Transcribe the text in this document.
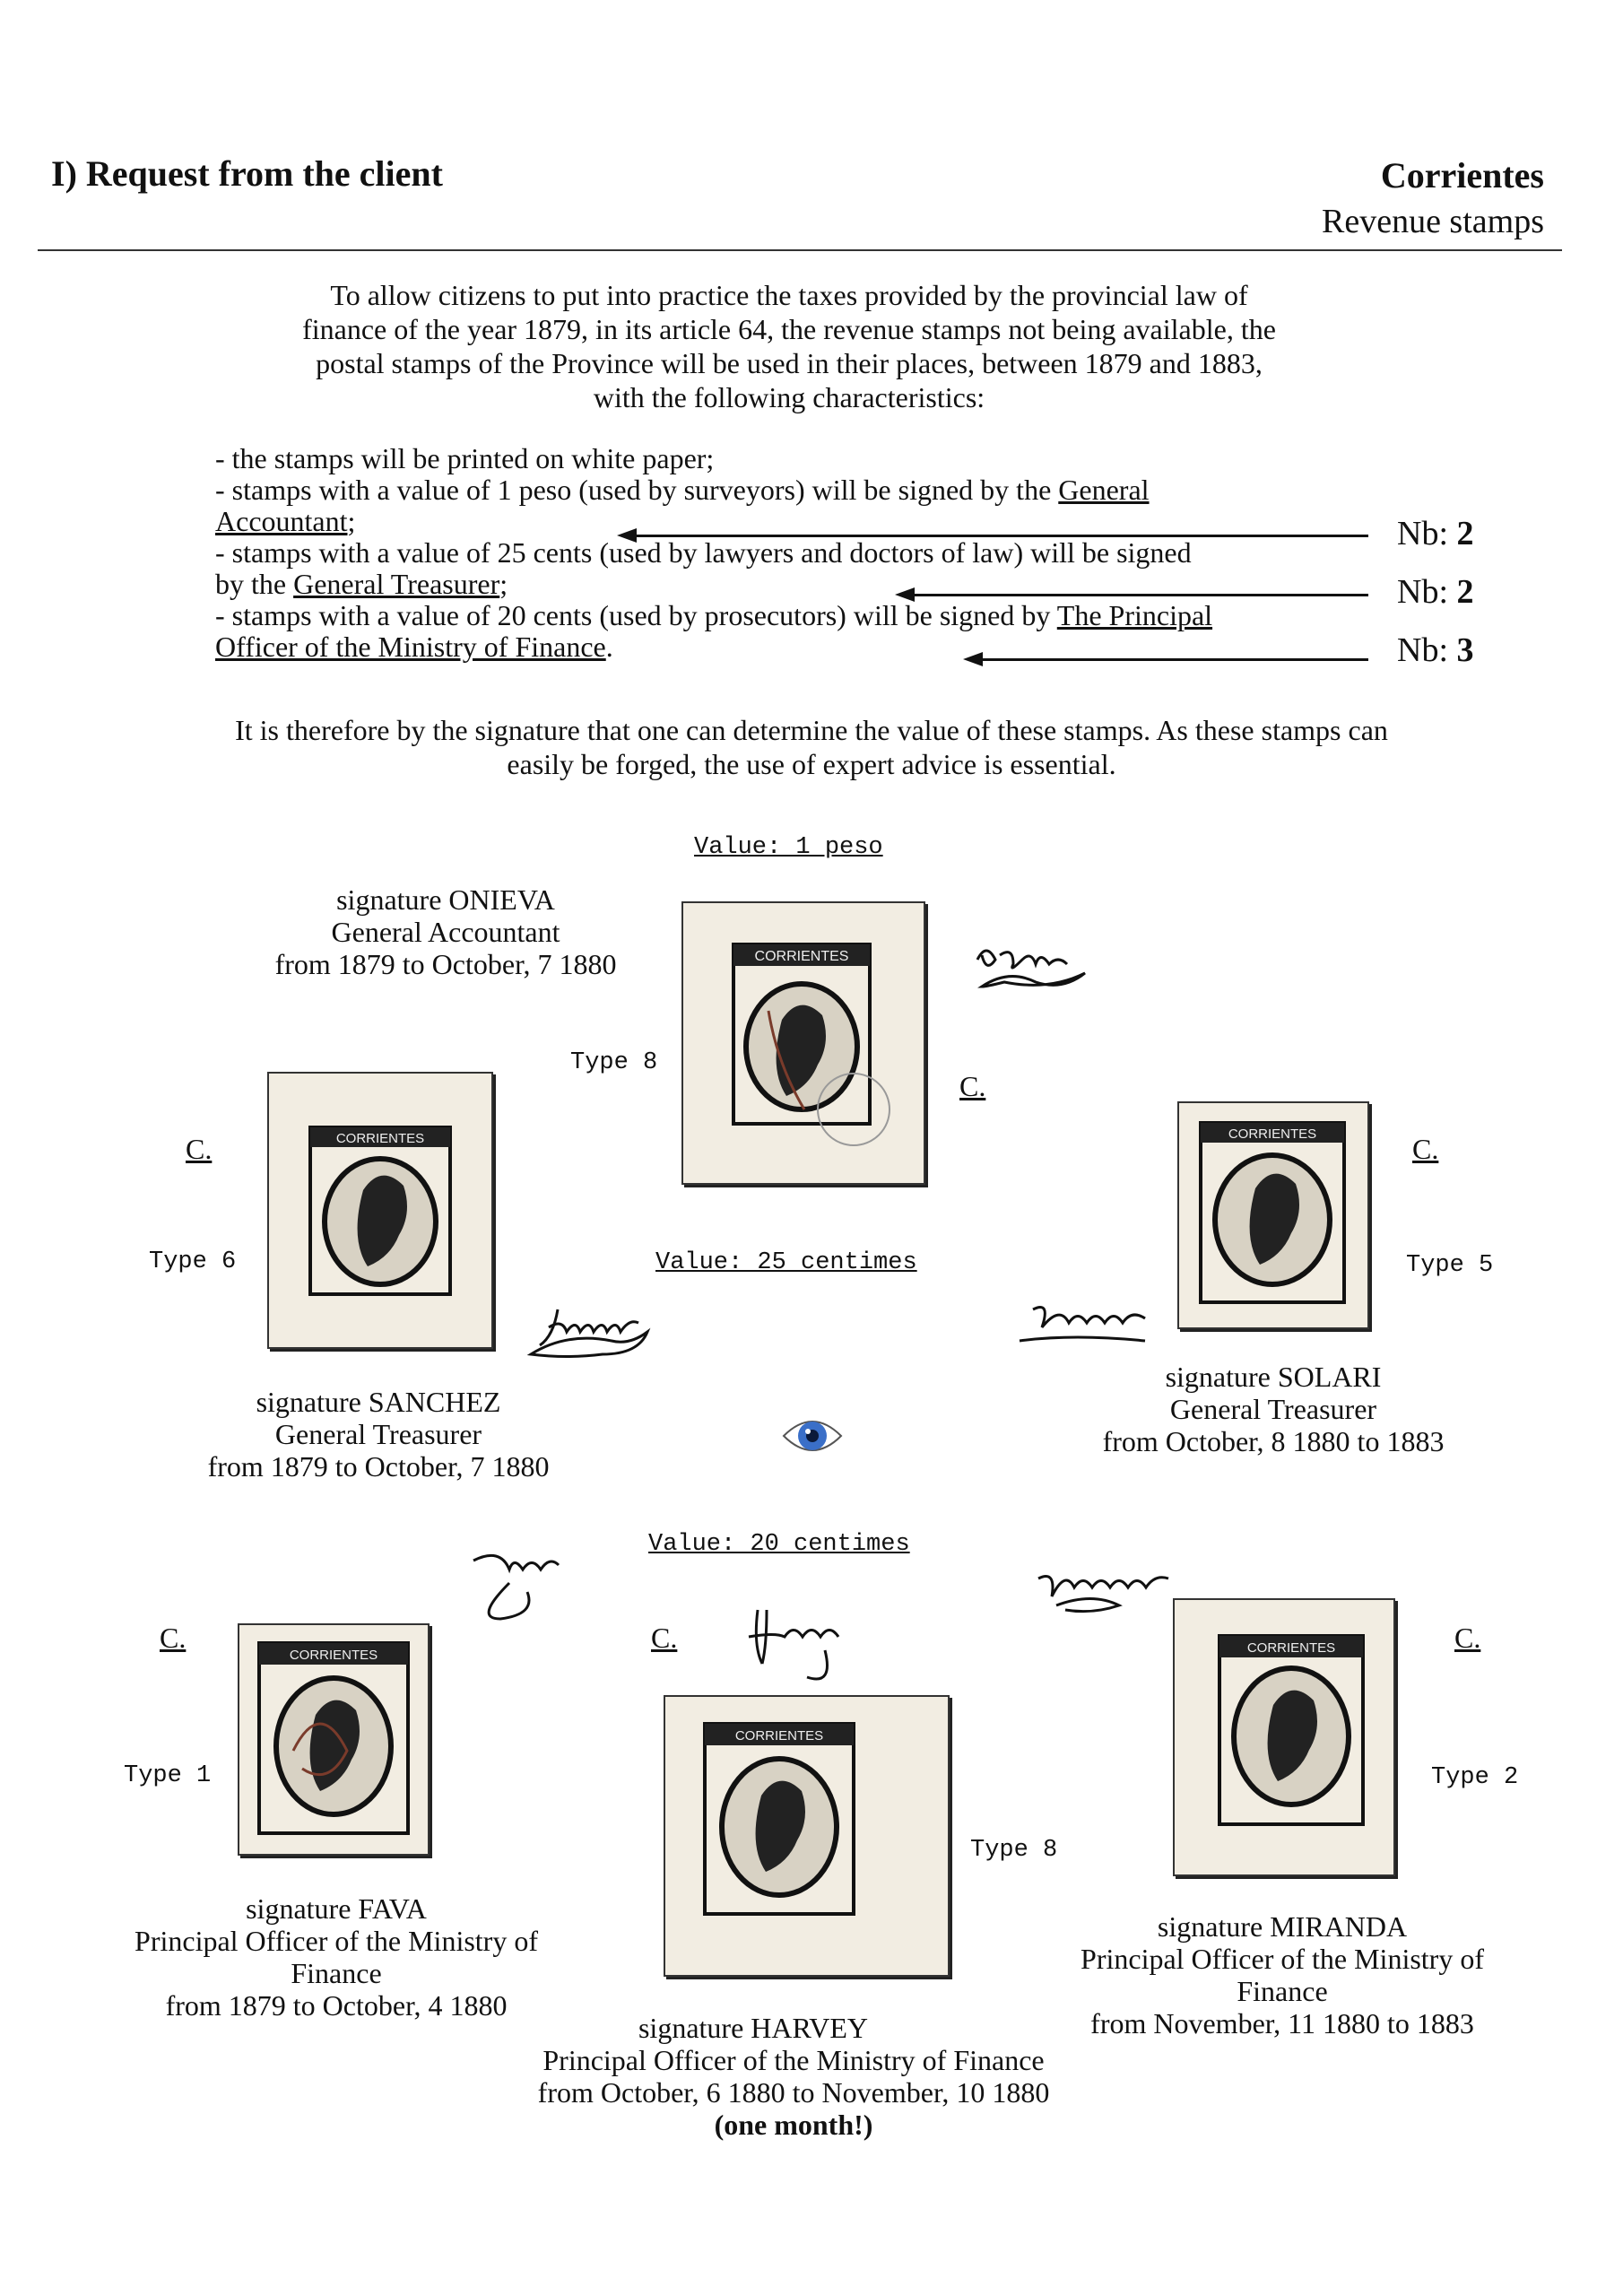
I) Request from the client	Corrientes
Revenue stamps
To allow citizens to put into practice the taxes provided by the provincial law of
finance of the year 1879, in its article 64, the revenue stamps not being available, the
postal stamps of the Province will be used in their places, between 1879 and 1883,
with the following characteristics:
- the stamps will be printed on white paper;
- stamps with a value of 1 peso (used by surveyors) will be signed by the General
Accountant;
- stamps with a value of 25 cents (used by lawyers and doctors of law) will be signed
by the General Treasurer;
- stamps with a value of 20 cents (used by prosecutors) will be signed by The Principal
Officer of the Ministry of Finance.
Nb: 2
Nb: 2
Nb: 3
It is therefore by the signature that one can determine the value of these stamps. As these stamps can
easily be forged, the use of expert advice is essential.
Value: 1 peso
Value: 25 centimes
Value: 20 centimes
signature ONIEVA
General Accountant
from 1879 to October, 7 1880
Type 8
CORRIENTES
C.
C.
Type 6
CORRIENTES
signature SANCHEZ
General Treasurer
from 1879 to October, 7 1880
CORRIENTES	C.
Type 5
signature SOLARI
General Treasurer
from October, 8 1880 to 1883
C.
Type 1
CORRIENTES
signature FAVA
Principal Officer of the Ministry of
Finance
from 1879 to October, 4 1880
C.
CORRIENTES
Type 8
signature HARVEY
Principal Officer of the Ministry of Finance
from October, 6 1880 to November, 10 1880
(one month!)
CORRIENTES	C.
Type 2
signature MIRANDA
Principal Officer of the Ministry of
Finance
from November, 11 1880 to 1883
